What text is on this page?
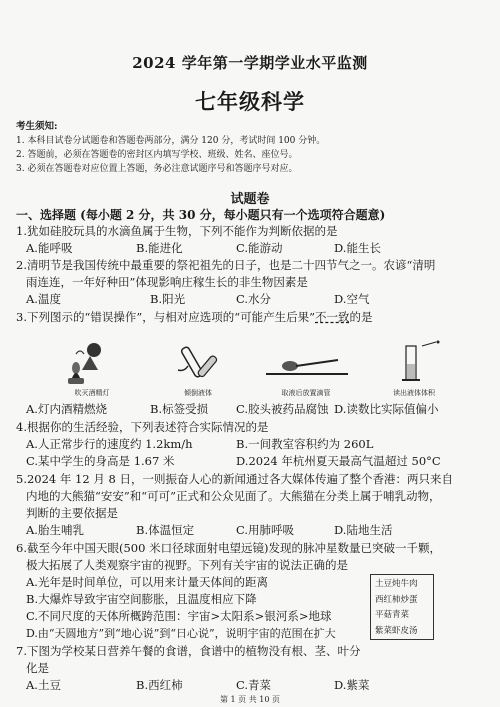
2024 学年第一学期学业水平监测
七年级科学
考生须知:
1. 本科目试卷分试题卷和答题卷两部分，满分 120 分，考试时间 100 分钟。
2. 答题前，必须在答题卷的密封区内填写学校、班级、姓名、座位号。
3. 必须在答题卷对应位置上答题，务必注意试题序号和答题序号对应。
试题卷
一、选择题 (每小题 2 分，共 30 分，每小题只有一个选项符合题意)
1.犹如硅胶玩具的水滴鱼属于生物，下列不能作为判断依据的是
A.能呼吸	B.能进化	C.能游动	D.能生长
2.清明节是我国传统中最重要的祭祀祖先的日子，也是二十四节气之一。农谚“清明
雨连连，一年好种田”体现影响庄稼生长的非生物因素是
A.温度	B.阳光	C.水分	D.空气
3.下列图示的“错误操作”，与相对应选项的“可能产生后果”不一致的是
吹灭酒精灯	倾倒液体	取液后放置滴管	读出液体体积
A.灯内酒精燃烧	B.标签受损 C.胶头被药品腐蚀 D.读数比实际值偏小
4.根据你的生活经验，下列表述符合实际情况的是
A.人正常步行的速度约 1.2km/h	B.一间教室容积约为 260L
C.某中学生的身高是 1.67 米	D.2024 年杭州夏天最高气温超过 50°C
5.2024 年 12 月 8 日，一则振奋人心的新闻通过各大媒体传遍了整个香港：两只来自
内地的大熊猫“安安”和“可可”正式和公众见面了。大熊猫在分类上属于哺乳动物，
判断的主要依据是
A.胎生哺乳	B.体温恒定	C.用肺呼吸	D.陆地生活
6.截至今年中国天眼(500 米口径球面射电望远镜)发现的脉冲星数量已突破一千颗，
极大拓展了人类观察宇宙的视野。下列有关宇宙的说法正确的是
A.光年是时间单位，可以用来计量天体间的距离
B.大爆炸导致宇宙空间膨胀，且温度相应下降
C.不同尺度的天体所概跨范围：宇宙>太阳系>银河系>地球
D.由“天圆地方”到“地心说”到“日心说”，说明宇宙的范围在扩大
7.下图为学校某日营养午餐的食谱，食谱中的植物没有根、茎、叶分
化是
A.土豆	B.西红柿	C.青菜	D.紫菜
土豆炖牛肉
西红柿炒蛋
平菇青菜
紫菜虾皮汤
第 1 页 共 10 页
